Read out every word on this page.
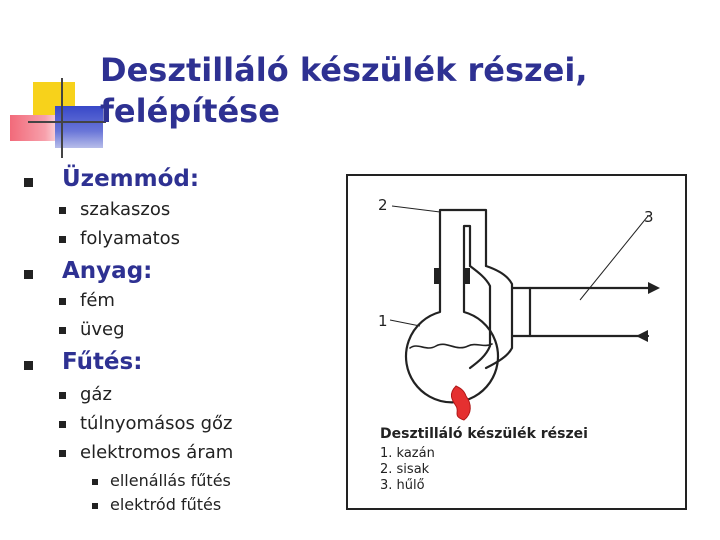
Desztilláló készülék részei, felépítése
Üzemmód:
szakaszos
folyamatos
Anyag:
fém
üveg
Fűtés:
gáz
túlnyomásos gőz
elektromos áram
ellenállás fűtés
elektród fűtés
2
3
1
Desztilláló készülék részei
1. kazán
2. sisak
3. hűlő
